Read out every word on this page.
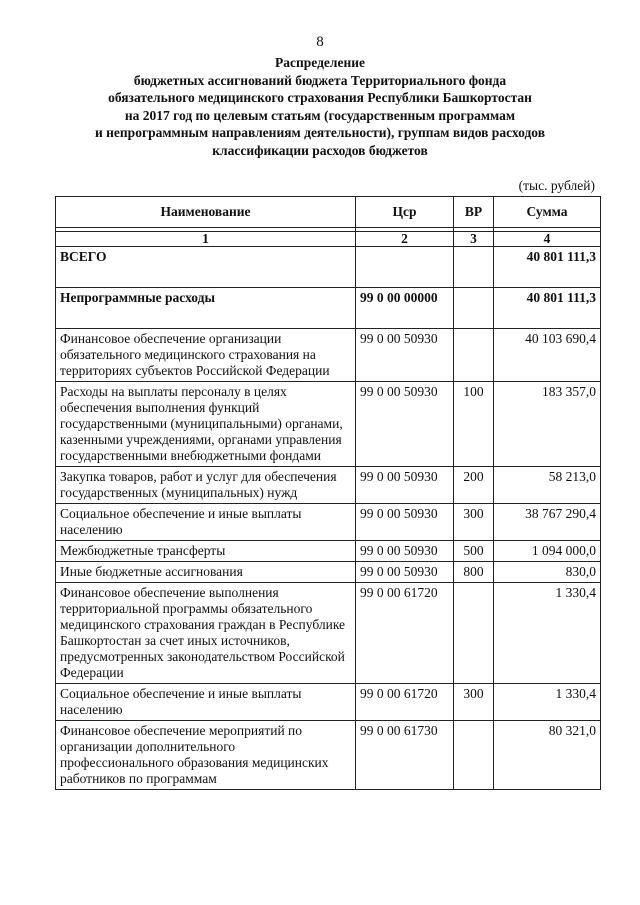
8
Распределение
бюджетных ассигнований бюджета Территориального фонда
обязательного медицинского страхования Республики Башкортостан
на 2017 год по целевым статьям (государственным программам
и непрограммным направлениям деятельности), группам видов расходов
классификации расходов бюджетов
(тыс. рублей)
Наименование	Цср	ВР	Сумма

1	2	3	4
ВСЕГО			40 801 111,3
Непрограммные расходы	99 0 00 00000		40 801 111,3
Финансовое обеспечение организации обязательного медицинского страхования на территориях субъектов Российской Федерации	99 0 00 50930		40 103 690,4
Расходы на выплаты персоналу в целях обеспечения выполнения функций государственными (муниципальными) органами, казенными учреждениями, органами управления государственными внебюджетными фондами	99 0 00 50930	100	183 357,0
Закупка товаров, работ и услуг для обеспечения государственных (муниципальных) нужд	99 0 00 50930	200	58 213,0
Социальное обеспечение и иные выплаты населению	99 0 00 50930	300	38 767 290,4
Межбюджетные трансферты	99 0 00 50930	500	1 094 000,0
Иные бюджетные ассигнования	99 0 00 50930	800	830,0
Финансовое обеспечение выполнения территориальной программы обязательного медицинского страхования граждан в Республике Башкортостан за счет иных источников, предусмотренных законодательством Российской Федерации	99 0 00 61720		1 330,4
Социальное обеспечение и иные выплаты населению	99 0 00 61720	300	1 330,4
Финансовое обеспечение мероприятий по организации дополнительного профессионального образования медицинских работников по программам	99 0 00 61730		80 321,0
